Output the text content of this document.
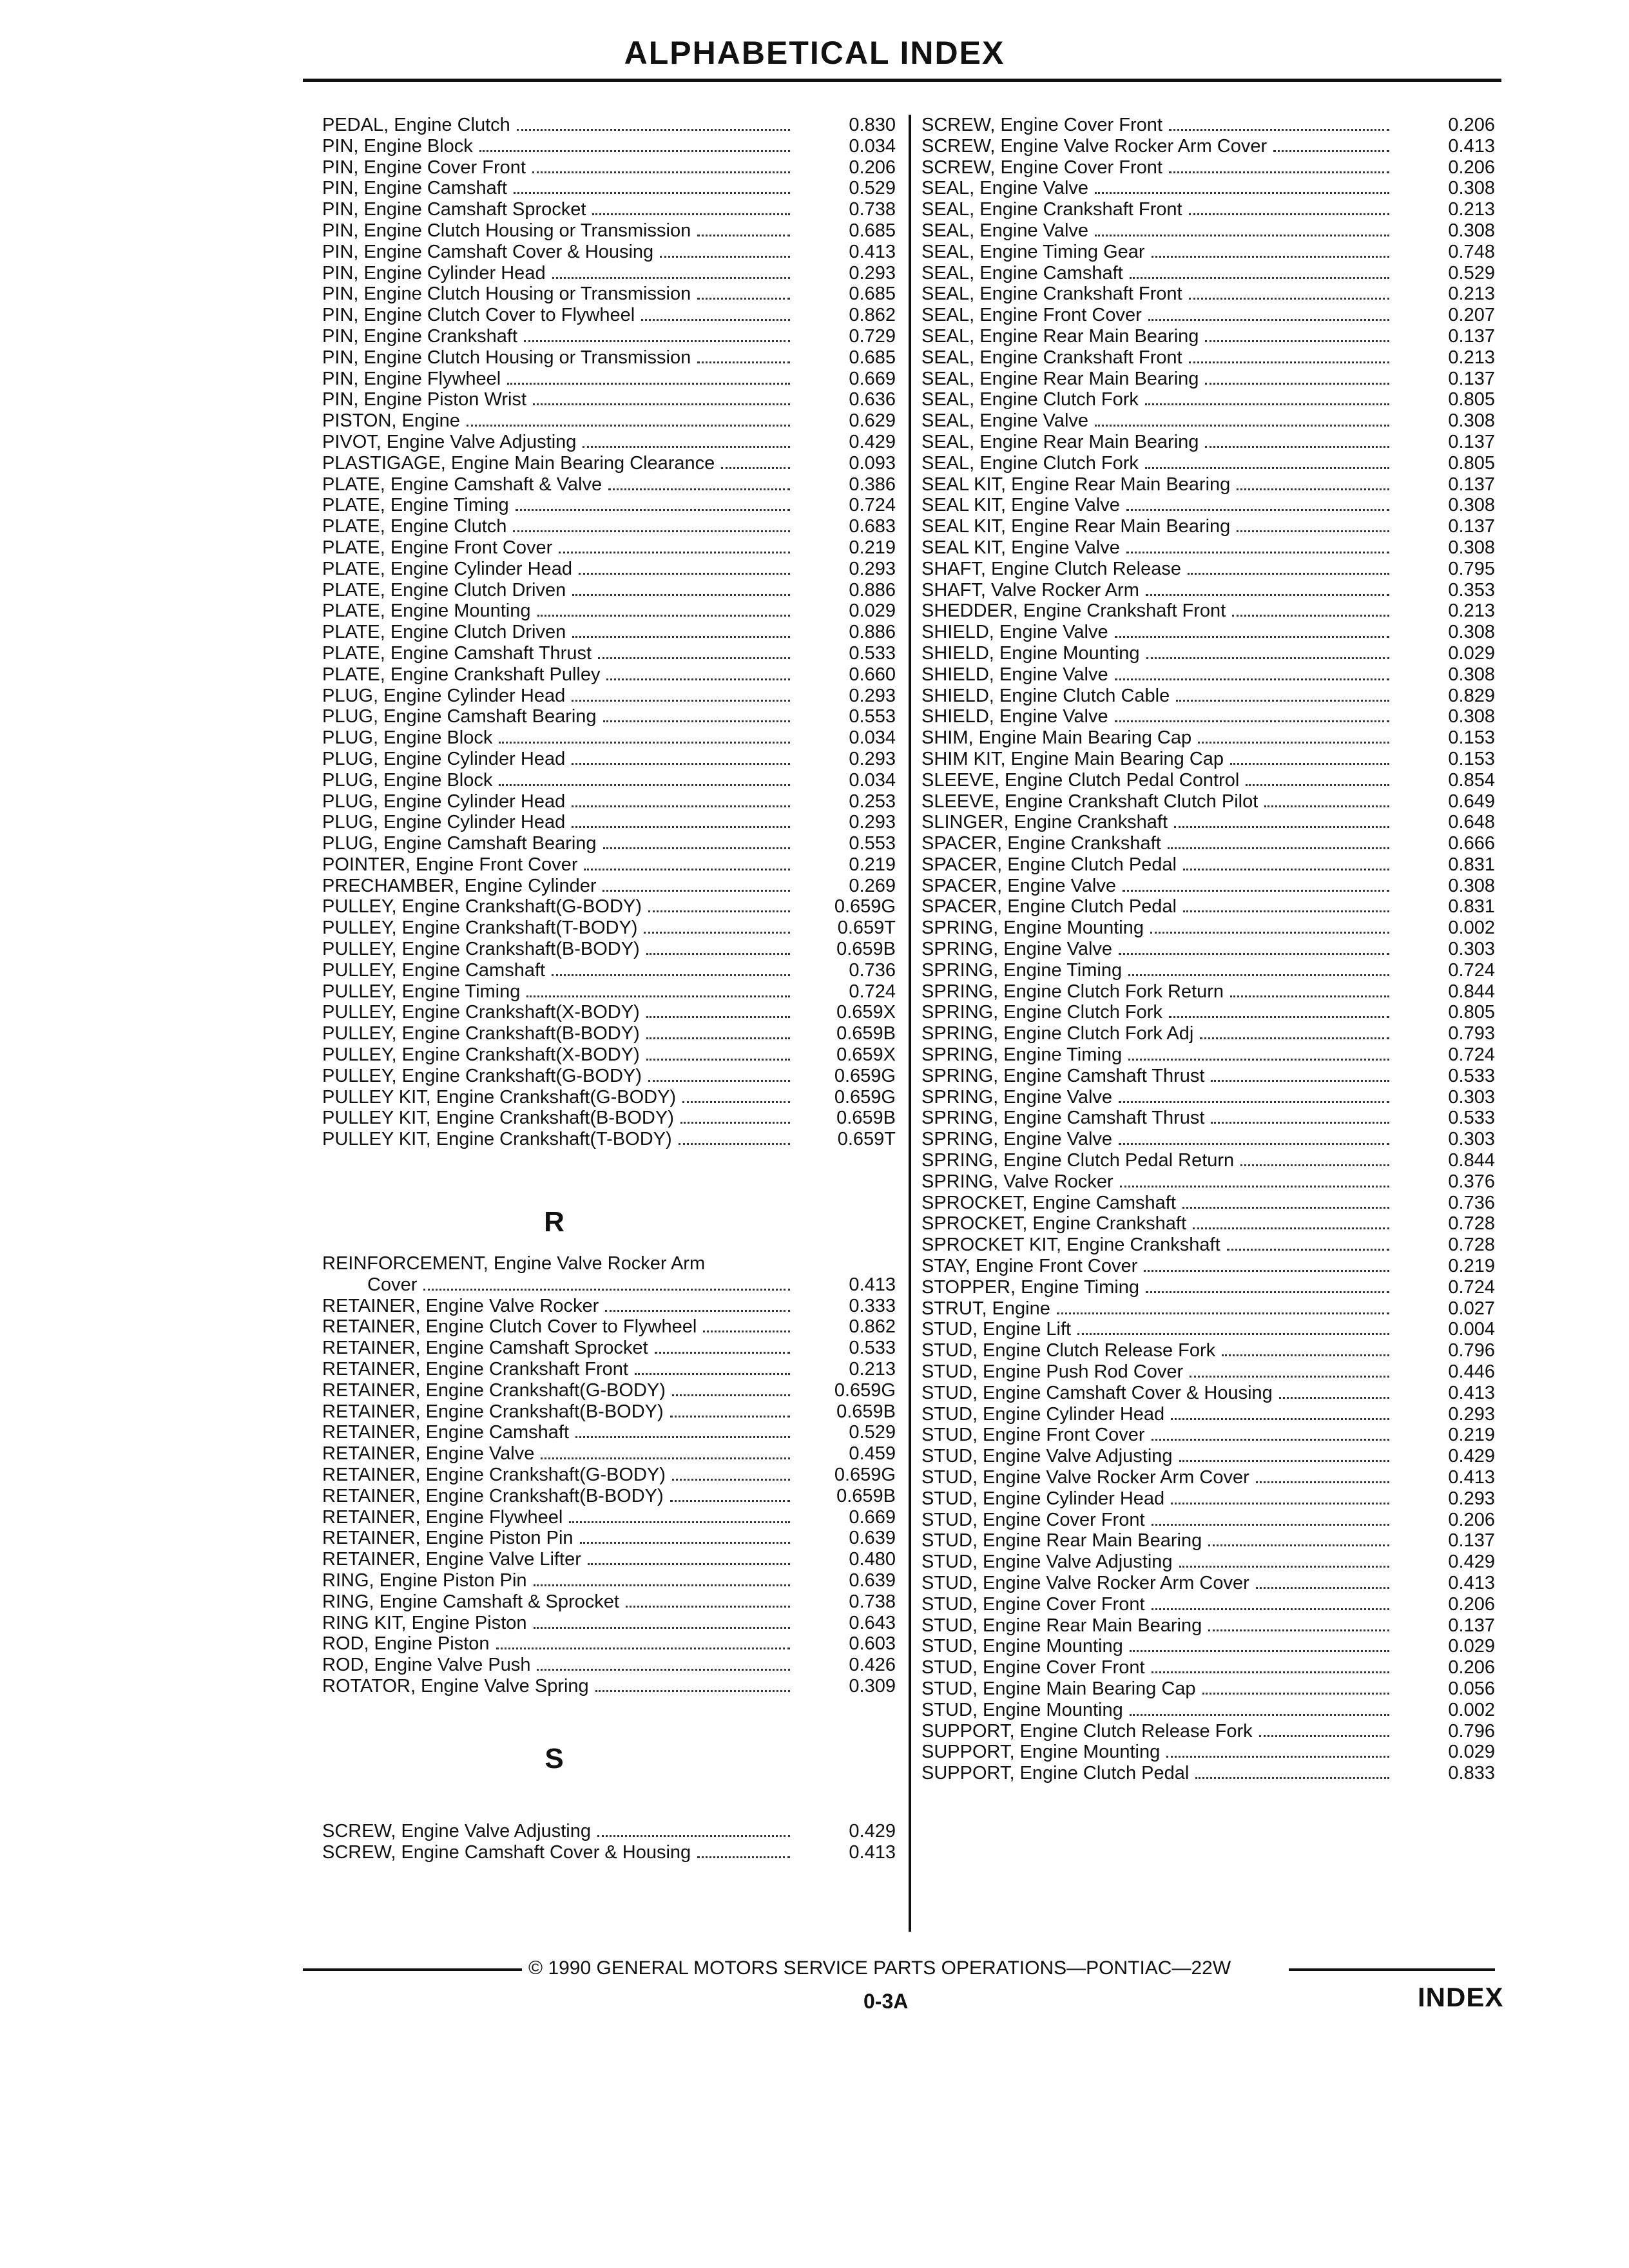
ALPHABETICAL INDEX
PEDAL, Engine Clutch	0.830
PIN, Engine Block	0.034
PIN, Engine Cover Front	0.206
PIN, Engine Camshaft	0.529
PIN, Engine Camshaft Sprocket	0.738
PIN, Engine Clutch Housing or Transmission	0.685
PIN, Engine Camshaft Cover & Housing	0.413
PIN, Engine Cylinder Head	0.293
PIN, Engine Clutch Housing or Transmission	0.685
PIN, Engine Clutch Cover to Flywheel	0.862
PIN, Engine Crankshaft	0.729
PIN, Engine Clutch Housing or Transmission	0.685
PIN, Engine Flywheel	0.669
PIN, Engine Piston Wrist	0.636
PISTON, Engine	0.629
PIVOT, Engine Valve Adjusting	0.429
PLASTIGAGE, Engine Main Bearing Clearance	0.093
PLATE, Engine Camshaft & Valve	0.386
PLATE, Engine Timing	0.724
PLATE, Engine Clutch	0.683
PLATE, Engine Front Cover	0.219
PLATE, Engine Cylinder Head	0.293
PLATE, Engine Clutch Driven	0.886
PLATE, Engine Mounting	0.029
PLATE, Engine Clutch Driven	0.886
PLATE, Engine Camshaft Thrust	0.533
PLATE, Engine Crankshaft Pulley	0.660
PLUG, Engine Cylinder Head	0.293
PLUG, Engine Camshaft Bearing	0.553
PLUG, Engine Block	0.034
PLUG, Engine Cylinder Head	0.293
PLUG, Engine Block	0.034
PLUG, Engine Cylinder Head	0.253
PLUG, Engine Cylinder Head	0.293
PLUG, Engine Camshaft Bearing	0.553
POINTER, Engine Front Cover	0.219
PRECHAMBER, Engine Cylinder	0.269
PULLEY, Engine Crankshaft(G-BODY)	0.659G
PULLEY, Engine Crankshaft(T-BODY)	0.659T
PULLEY, Engine Crankshaft(B-BODY)	0.659B
PULLEY, Engine Camshaft	0.736
PULLEY, Engine Timing	0.724
PULLEY, Engine Crankshaft(X-BODY)	0.659X
PULLEY, Engine Crankshaft(B-BODY)	0.659B
PULLEY, Engine Crankshaft(X-BODY)	0.659X
PULLEY, Engine Crankshaft(G-BODY)	0.659G
PULLEY KIT, Engine Crankshaft(G-BODY)	0.659G
PULLEY KIT, Engine Crankshaft(B-BODY)	0.659B
PULLEY KIT, Engine Crankshaft(T-BODY)	0.659T
R
REINFORCEMENT, Engine Valve Rocker Arm
Cover	0.413
RETAINER, Engine Valve Rocker	0.333
RETAINER, Engine Clutch Cover to Flywheel	0.862
RETAINER, Engine Camshaft Sprocket	0.533
RETAINER, Engine Crankshaft Front	0.213
RETAINER, Engine Crankshaft(G-BODY)	0.659G
RETAINER, Engine Crankshaft(B-BODY)	0.659B
RETAINER, Engine Camshaft	0.529
RETAINER, Engine Valve	0.459
RETAINER, Engine Crankshaft(G-BODY)	0.659G
RETAINER, Engine Crankshaft(B-BODY)	0.659B
RETAINER, Engine Flywheel	0.669
RETAINER, Engine Piston Pin	0.639
RETAINER, Engine Valve Lifter	0.480
RING, Engine Piston Pin	0.639
RING, Engine Camshaft & Sprocket	0.738
RING KIT, Engine Piston	0.643
ROD, Engine Piston	0.603
ROD, Engine Valve Push	0.426
ROTATOR, Engine Valve Spring	0.309
S
SCREW, Engine Valve Adjusting	0.429
SCREW, Engine Camshaft Cover & Housing	0.413
SCREW, Engine Cover Front	0.206
SCREW, Engine Valve Rocker Arm Cover	0.413
SCREW, Engine Cover Front	0.206
SEAL, Engine Valve	0.308
SEAL, Engine Crankshaft Front	0.213
SEAL, Engine Valve	0.308
SEAL, Engine Timing Gear	0.748
SEAL, Engine Camshaft	0.529
SEAL, Engine Crankshaft Front	0.213
SEAL, Engine Front Cover	0.207
SEAL, Engine Rear Main Bearing	0.137
SEAL, Engine Crankshaft Front	0.213
SEAL, Engine Rear Main Bearing	0.137
SEAL, Engine Clutch Fork	0.805
SEAL, Engine Valve	0.308
SEAL, Engine Rear Main Bearing	0.137
SEAL, Engine Clutch Fork	0.805
SEAL KIT, Engine Rear Main Bearing	0.137
SEAL KIT, Engine Valve	0.308
SEAL KIT, Engine Rear Main Bearing	0.137
SEAL KIT, Engine Valve	0.308
SHAFT, Engine Clutch Release	0.795
SHAFT, Valve Rocker Arm	0.353
SHEDDER, Engine Crankshaft Front	0.213
SHIELD, Engine Valve	0.308
SHIELD, Engine Mounting	0.029
SHIELD, Engine Valve	0.308
SHIELD, Engine Clutch Cable	0.829
SHIELD, Engine Valve	0.308
SHIM, Engine Main Bearing Cap	0.153
SHIM KIT, Engine Main Bearing Cap	0.153
SLEEVE, Engine Clutch Pedal Control	0.854
SLEEVE, Engine Crankshaft Clutch Pilot	0.649
SLINGER, Engine Crankshaft	0.648
SPACER, Engine Crankshaft	0.666
SPACER, Engine Clutch Pedal	0.831
SPACER, Engine Valve	0.308
SPACER, Engine Clutch Pedal	0.831
SPRING, Engine Mounting	0.002
SPRING, Engine Valve	0.303
SPRING, Engine Timing	0.724
SPRING, Engine Clutch Fork Return	0.844
SPRING, Engine Clutch Fork	0.805
SPRING, Engine Clutch Fork Adj	0.793
SPRING, Engine Timing	0.724
SPRING, Engine Camshaft Thrust	0.533
SPRING, Engine Valve	0.303
SPRING, Engine Camshaft Thrust	0.533
SPRING, Engine Valve	0.303
SPRING, Engine Clutch Pedal Return	0.844
SPRING, Valve Rocker	0.376
SPROCKET, Engine Camshaft	0.736
SPROCKET, Engine Crankshaft	0.728
SPROCKET KIT, Engine Crankshaft	0.728
STAY, Engine Front Cover	0.219
STOPPER, Engine Timing	0.724
STRUT, Engine	0.027
STUD, Engine Lift	0.004
STUD, Engine Clutch Release Fork	0.796
STUD, Engine Push Rod Cover	0.446
STUD, Engine Camshaft Cover & Housing	0.413
STUD, Engine Cylinder Head	0.293
STUD, Engine Front Cover	0.219
STUD, Engine Valve Adjusting	0.429
STUD, Engine Valve Rocker Arm Cover	0.413
STUD, Engine Cylinder Head	0.293
STUD, Engine Cover Front	0.206
STUD, Engine Rear Main Bearing	0.137
STUD, Engine Valve Adjusting	0.429
STUD, Engine Valve Rocker Arm Cover	0.413
STUD, Engine Cover Front	0.206
STUD, Engine Rear Main Bearing	0.137
STUD, Engine Mounting	0.029
STUD, Engine Cover Front	0.206
STUD, Engine Main Bearing Cap	0.056
STUD, Engine Mounting	0.002
SUPPORT, Engine Clutch Release Fork	0.796
SUPPORT, Engine Mounting	0.029
SUPPORT, Engine Clutch Pedal	0.833
© 1990 GENERAL MOTORS SERVICE PARTS OPERATIONS—PONTIAC—22W
0-3A	INDEX
